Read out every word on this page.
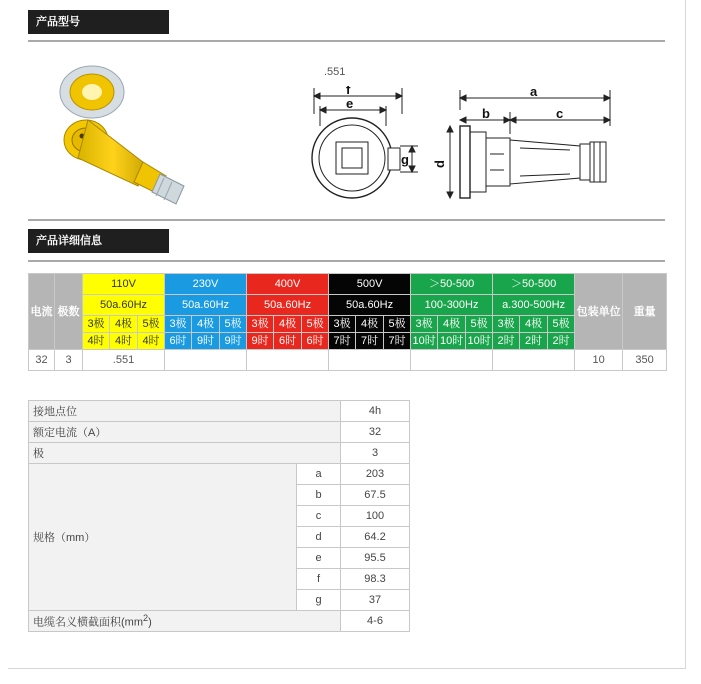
产品型号
.551
f
e
g
a
b	c
d
产品详细信息
电流	极数	110V			230V			400V			500V			＞50-500			＞50-500			包装单位	重量
		50a.60Hz			50a.60Hz			50a.60Hz			50a.60Hz			100-300Hz			a.300-500Hz				
		3极	4极	5极	3极	4极	5极	3极	4极	5极	3极	4极	5极	3极	4极	5极	3极	4极	5极		
		4时	4时	4时	6时	9时	9时	9时	6时	6时	7时	7时	7时	10时	10时	10时	2时	2时	2时		
32	3	.551																		10	350
接地点位		4h
额定电流（A）		32
极		3
规格（mm）	a	203
	b	67.5
	c	100
	d	64.2
	e	95.5
	f	98.3
	g	37
电缆名义横截面积$(mm^2)$		4-6
